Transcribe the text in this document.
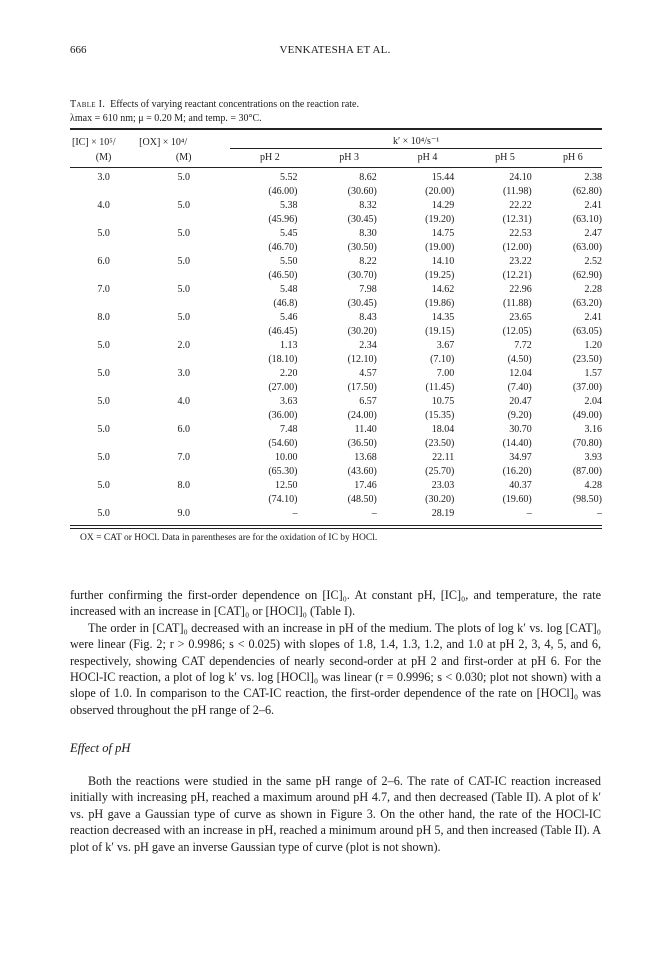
666	VENKATESHA ET AL.
Table I. Effects of varying reactant concentrations on the reaction rate.
λmax = 610 nm; μ = 0.20 M; and temp. = 30°C.

[IC] × 10⁵/	[OX] × 10⁴/	k′ × 10⁴/s⁻¹				
(M)	(M)	pH 2	pH 3	pH 4	pH 5	pH 6

3.0	5.0	5.52	8.62	15.44	24.10	2.38
		(46.00)	(30.60)	(20.00)	(11.98)	(62.80)
4.0	5.0	5.38	8.32	14.29	22.22	2.41
		(45.96)	(30.45)	(19.20)	(12.31)	(63.10)
5.0	5.0	5.45	8.30	14.75	22.53	2.47
		(46.70)	(30.50)	(19.00)	(12.00)	(63.00)
6.0	5.0	5.50	8.22	14.10	23.22	2.52
		(46.50)	(30.70)	(19.25)	(12.21)	(62.90)
7.0	5.0	5.48	7.98	14.62	22.96	2.28
		(46.8)	(30.45)	(19.86)	(11.88)	(63.20)
8.0	5.0	5.46	8.43	14.35	23.65	2.41
		(46.45)	(30.20)	(19.15)	(12.05)	(63.05)
5.0	2.0	1.13	2.34	3.67	7.72	1.20
		(18.10)	(12.10)	(7.10)	(4.50)	(23.50)
5.0	3.0	2.20	4.57	7.00	12.04	1.57
		(27.00)	(17.50)	(11.45)	(7.40)	(37.00)
5.0	4.0	3.63	6.57	10.75	20.47	2.04
		(36.00)	(24.00)	(15.35)	(9.20)	(49.00)
5.0	6.0	7.48	11.40	18.04	30.70	3.16
		(54.60)	(36.50)	(23.50)	(14.40)	(70.80)
5.0	7.0	10.00	13.68	22.11	34.97	3.93
		(65.30)	(43.60)	(25.70)	(16.20)	(87.00)
5.0	8.0	12.50	17.46	23.03	40.37	4.28
		(74.10)	(48.50)	(30.20)	(19.60)	(98.50)
5.0	9.0	–	–	28.19	–	–

OX = CAT or HOCl. Data in parentheses are for the oxidation of IC by HOCl.

further confirming the first-order dependence on [IC]₀. At constant pH, [IC]₀, and temperature, the rate increased with an increase in [CAT]₀ or [HOCl]₀ (Table I).

The order in [CAT]₀ decreased with an increase in pH of the medium. The plots of log k′ vs. log [CAT]₀ were linear (Fig. 2; r > 0.9986; s < 0.025) with slopes of 1.8, 1.4, 1.3, 1.2, and 1.0 at pH 2, 3, 4, 5, and 6, respectively, showing CAT dependencies of nearly second-order at pH 2 and first-order at pH 6. For the HOCl-IC reaction, a plot of log k′ vs. log [HOCl]₀ was linear (r = 0.9996; s < 0.030; plot not shown) with a slope of 1.0. In comparison to the CAT-IC reaction, the first-order dependence of the rate on [HOCl]₀ was observed throughout the pH range of 2–6.

Effect of pH

Both the reactions were studied in the same pH range of 2–6. The rate of CAT-IC reaction increased initially with increasing pH, reached a maximum around pH 4.7, and then decreased (Table II). A plot of k′ vs. pH gave a Gaussian type of curve as shown in Figure 3. On the other hand, the rate of the HOCl-IC reaction decreased with an increase in pH, reached a minimum around pH 5, and then increased (Table II). A plot of k′ vs. pH gave an inverse Gaussian type of curve (plot is not shown).
